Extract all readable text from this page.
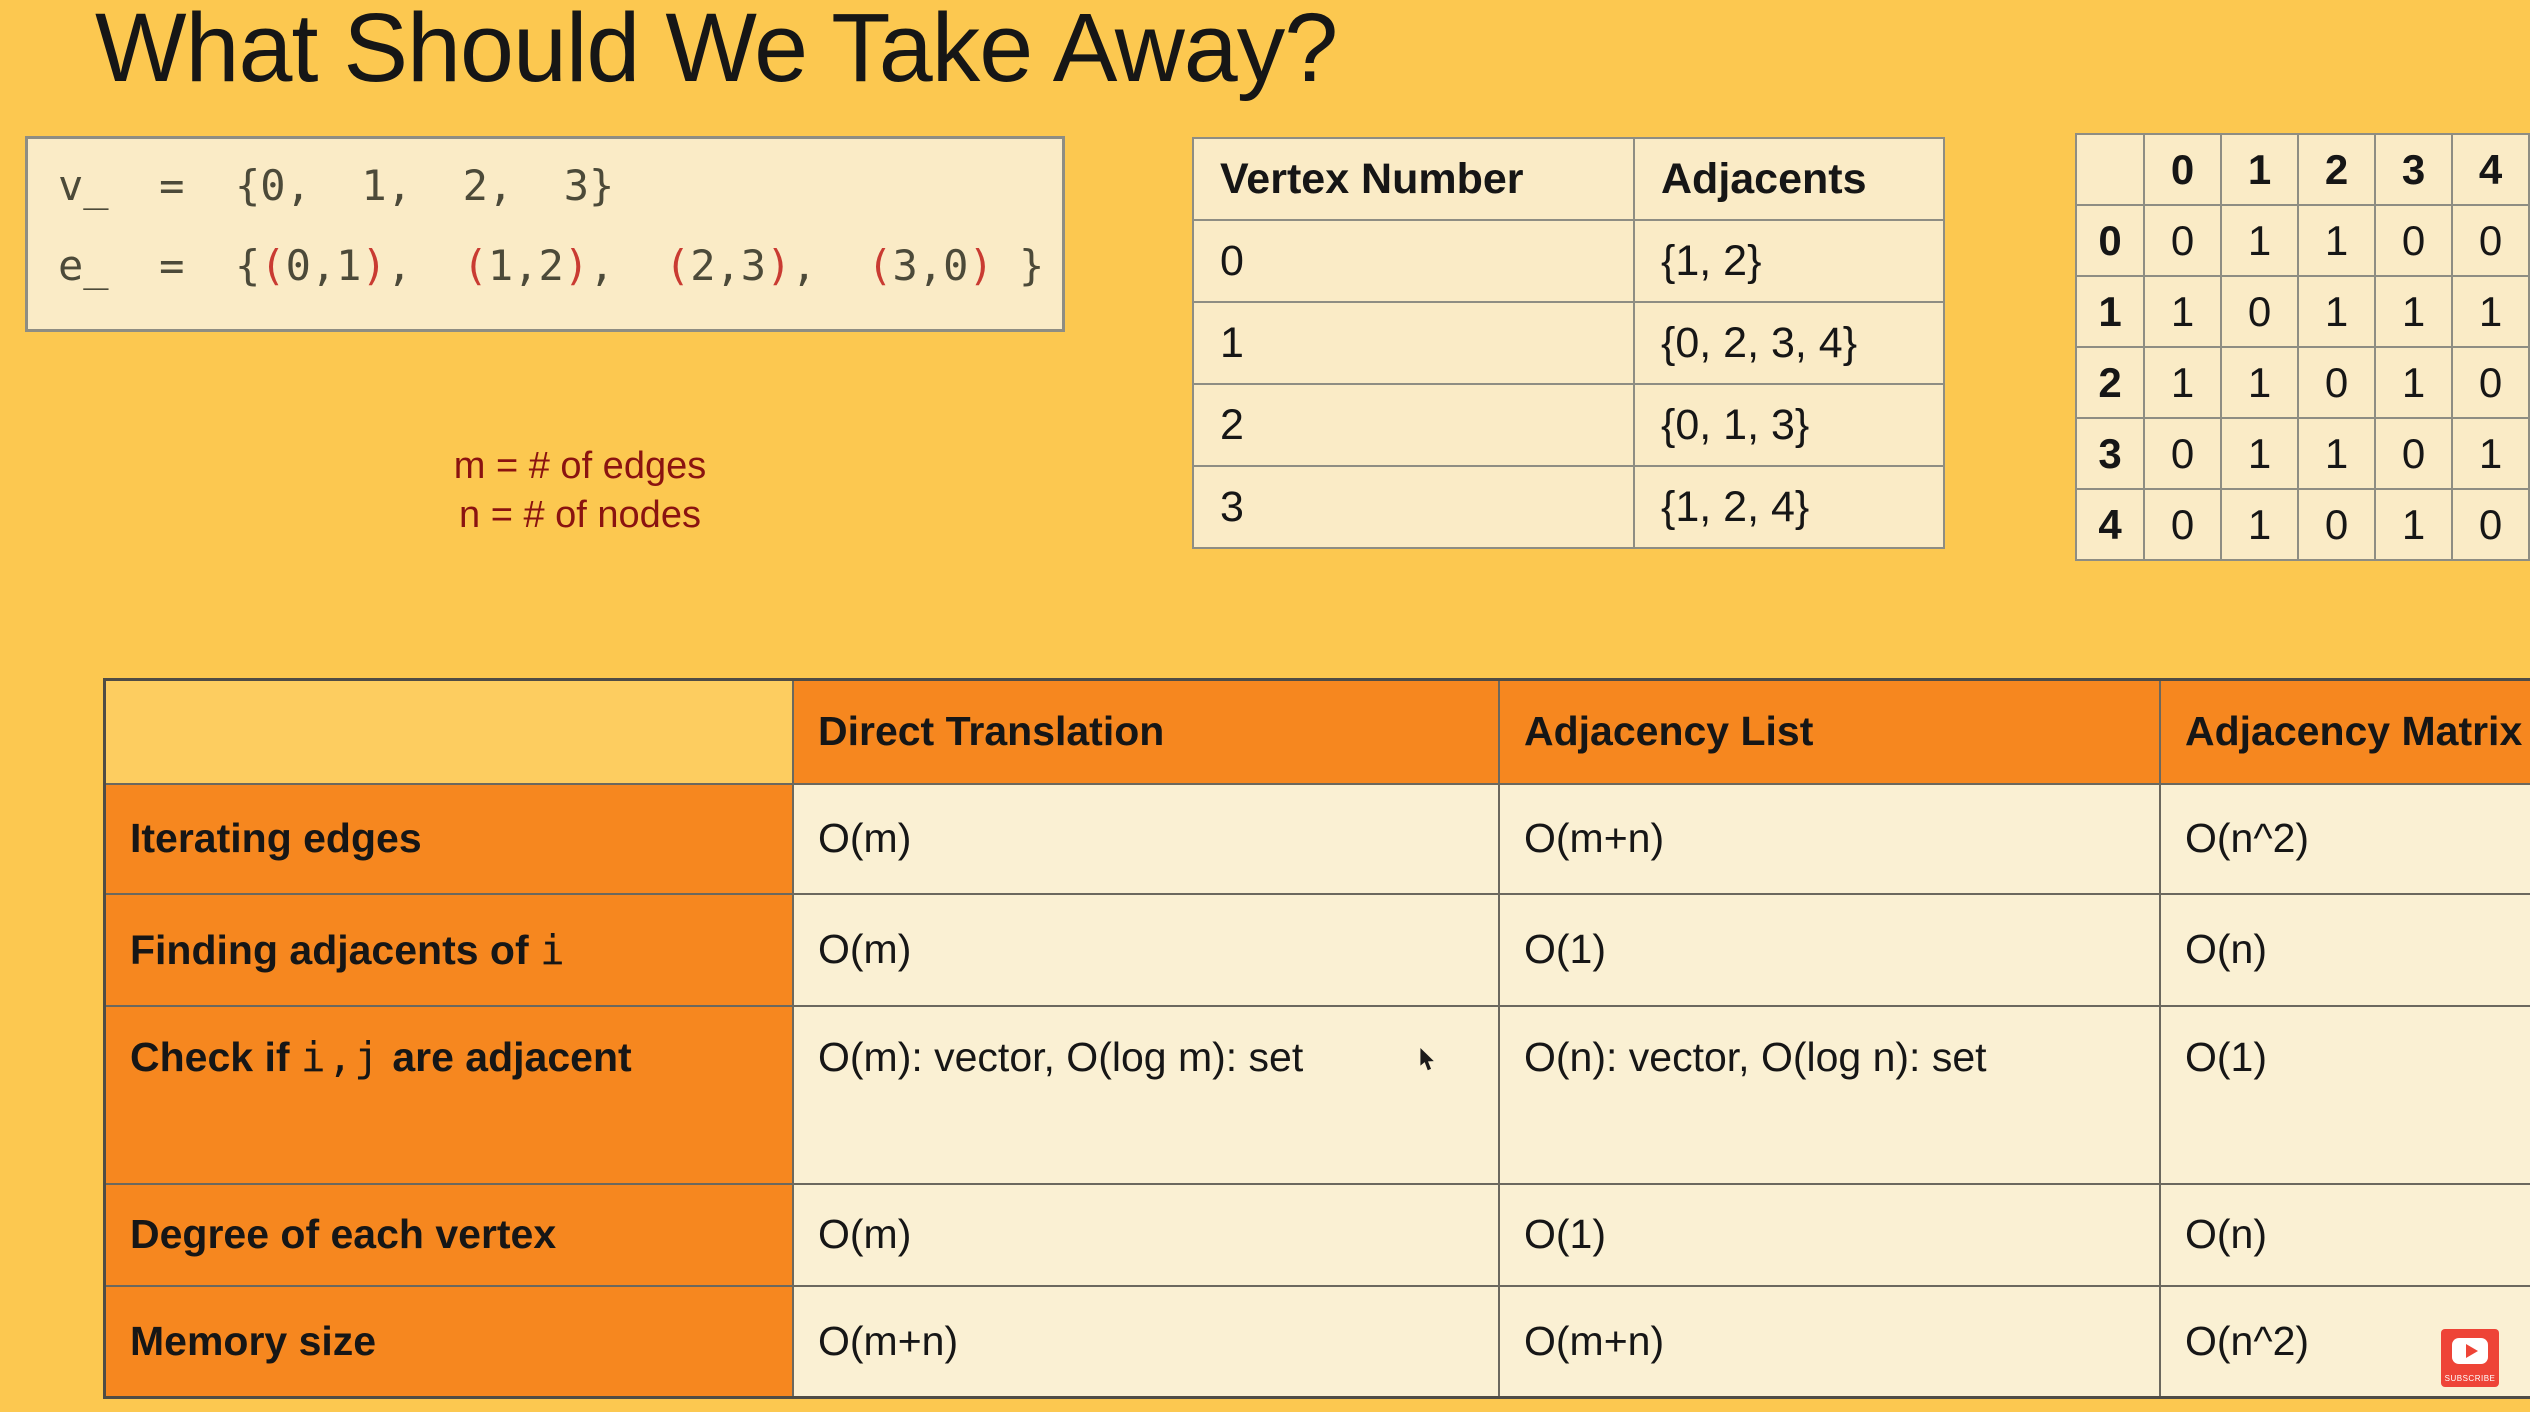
What Should We Take Away?
v_  =  {0,  1,  2,  3}
e_  =  {(0,1),  (1,2),  (2,3),  (3,0) }
m = # of edges
n = # of nodes
Vertex Number	Adjacents
0	{1, 2}
1	{0, 2, 3, 4}
2	{0, 1, 3}
3	{1, 2, 4}
	0	1	2	3	4
0	0	1	1	0	0
1	1	0	1	1	1
2	1	1	0	1	0
3	0	1	1	0	1
4	0	1	0	1	0
	Direct Translation	Adjacency List	Adjacency Matrix
Iterating edges	O(m)	O(m+n)	O(n^2)
Finding adjacents of i	O(m)	O(1)	O(n)
Check if i,j are adjacent	O(m): vector, O(log m): set	O(n): vector, O(log n): set	O(1)
Degree of each vertex	O(m)	O(1)	O(n)
Memory size	O(m+n)	O(m+n)	O(n^2)
SUBSCRIBE
